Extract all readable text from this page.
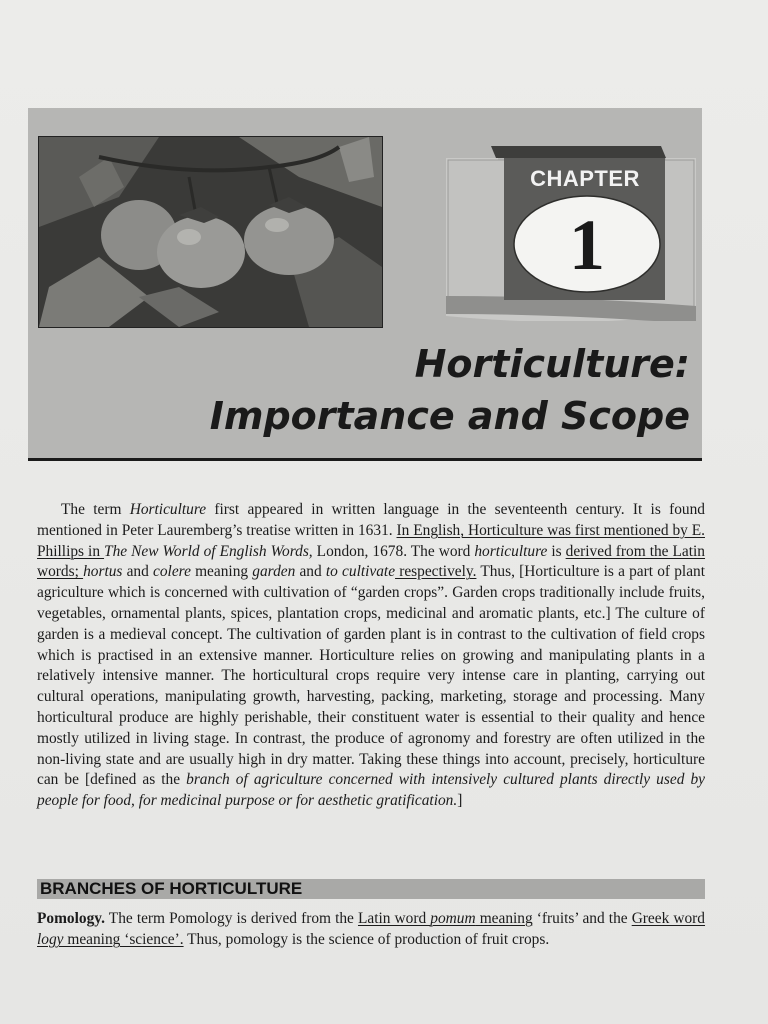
CHAPTER
1
Horticulture:
Importance and Scope

The term Horticulture first appeared in written language in the seventeenth century. It is found mentioned in Peter Lauremberg’s treatise written in 1631. In English, Horticulture was first mentioned by E. Phillips in The New World of English Words, London, 1678. The word horticulture is derived from the Latin words; hortus and colere meaning garden and to cultivate respectively. Thus, [Horticulture is a part of plant agriculture which is concerned with cultivation of “garden crops”. Garden crops traditionally include fruits, vegetables, ornamental plants, spices, plantation crops, medicinal and aromatic plants, etc.] The culture of garden is a medieval concept. The cultivation of garden plant is in contrast to the cultivation of field crops which is practised in an extensive manner. Horticulture relies on growing and manipulating plants in a relatively intensive manner. The horticultural crops require very intense care in planting, carrying out cultural operations, manipulating growth, harvesting, packing, marketing, storage and processing. Many horticultural produce are highly perishable, their constituent water is essential to their quality and hence mostly utilized in living stage. In contrast, the produce of agronomy and forestry are often utilized in the non-living state and are usually high in dry matter. Taking these things into account, precisely, horticulture can be [defined as the branch of agriculture concerned with intensively cultured plants directly used by people for food, for medicinal purpose or for aesthetic gratification.]

BRANCHES OF HORTICULTURE

Pomology. The term Pomology is derived from the Latin word pomum meaning ‘fruits’ and the Greek word logy meaning ‘science’. Thus, pomology is the science of production of fruit crops.
